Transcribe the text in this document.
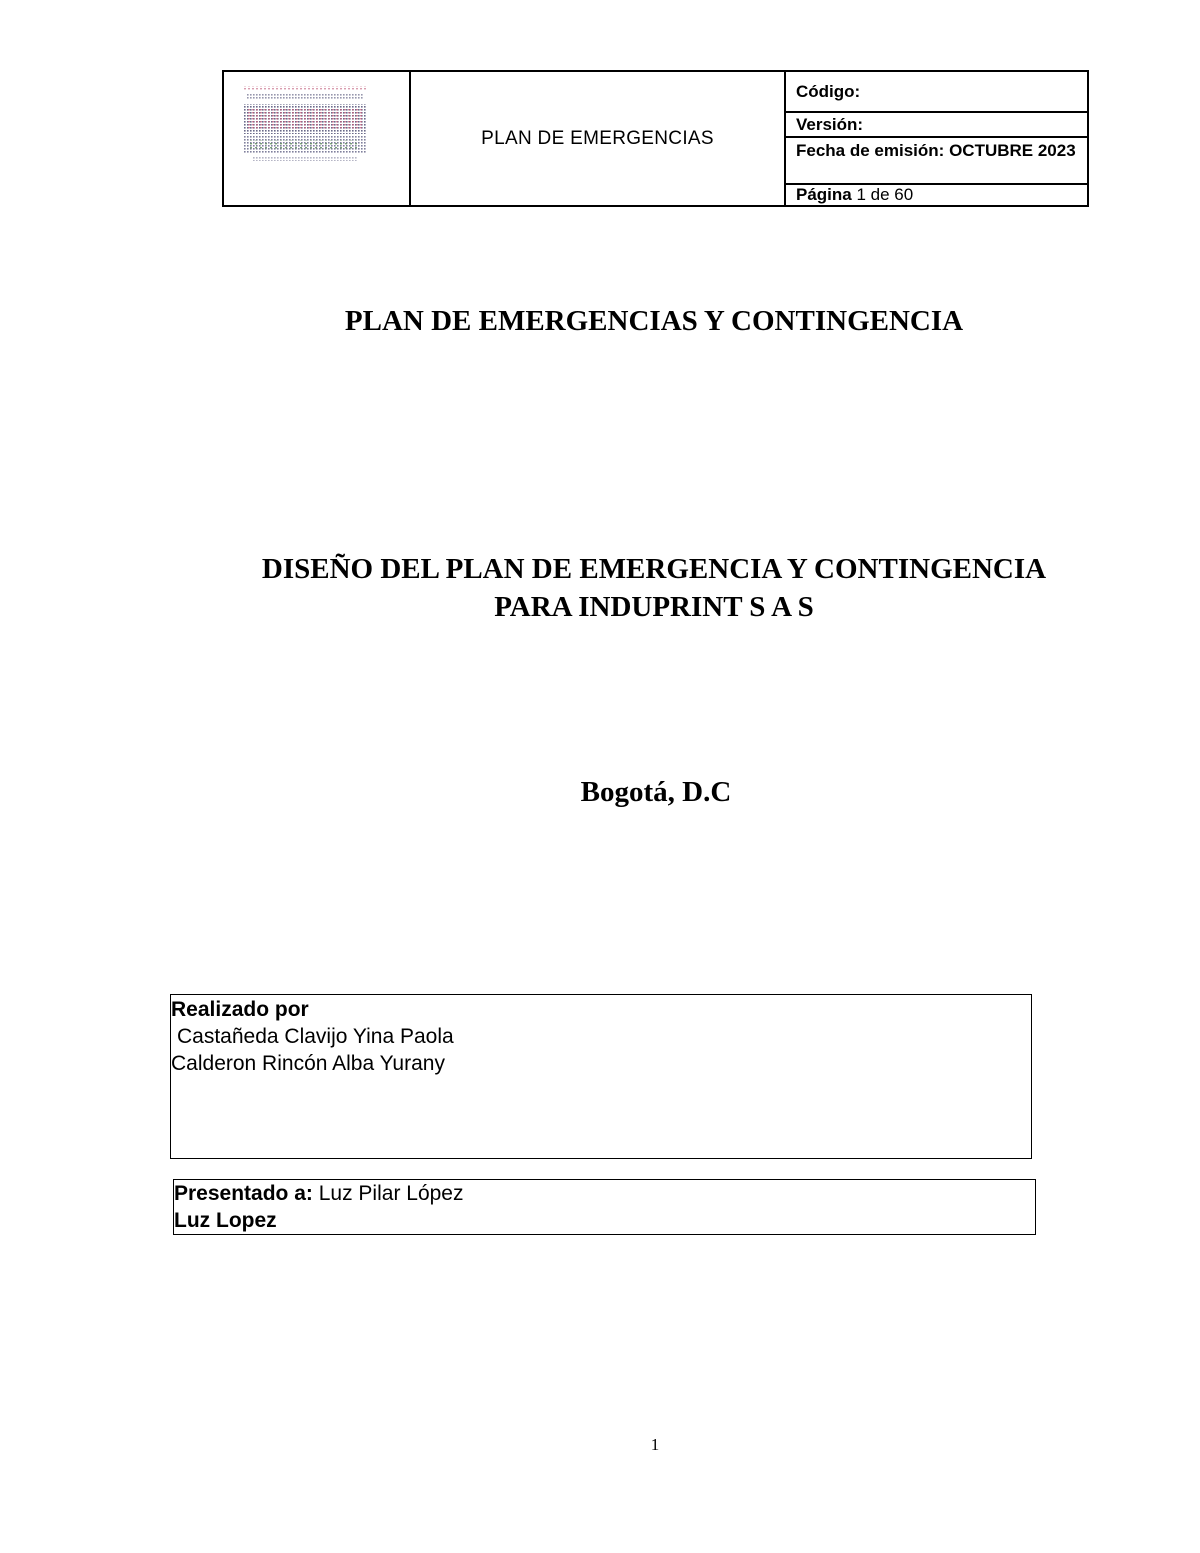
PLAN DE EMERGENCIAS
Código:
Versión:
Fecha de emisión: OCTUBRE 2023
Página
1 de 60
PLAN DE EMERGENCIAS Y CONTINGENCIA
DISEÑO DEL PLAN DE EMERGENCIA Y CONTINGENCIA
PARA INDUPRINT S A S
Bogotá, D.C
Realizado por
Castañeda Clavijo Yina Paola
Calderon Rincón Alba Yurany
Presentado a: Luz Pilar López
Luz Lopez
1
